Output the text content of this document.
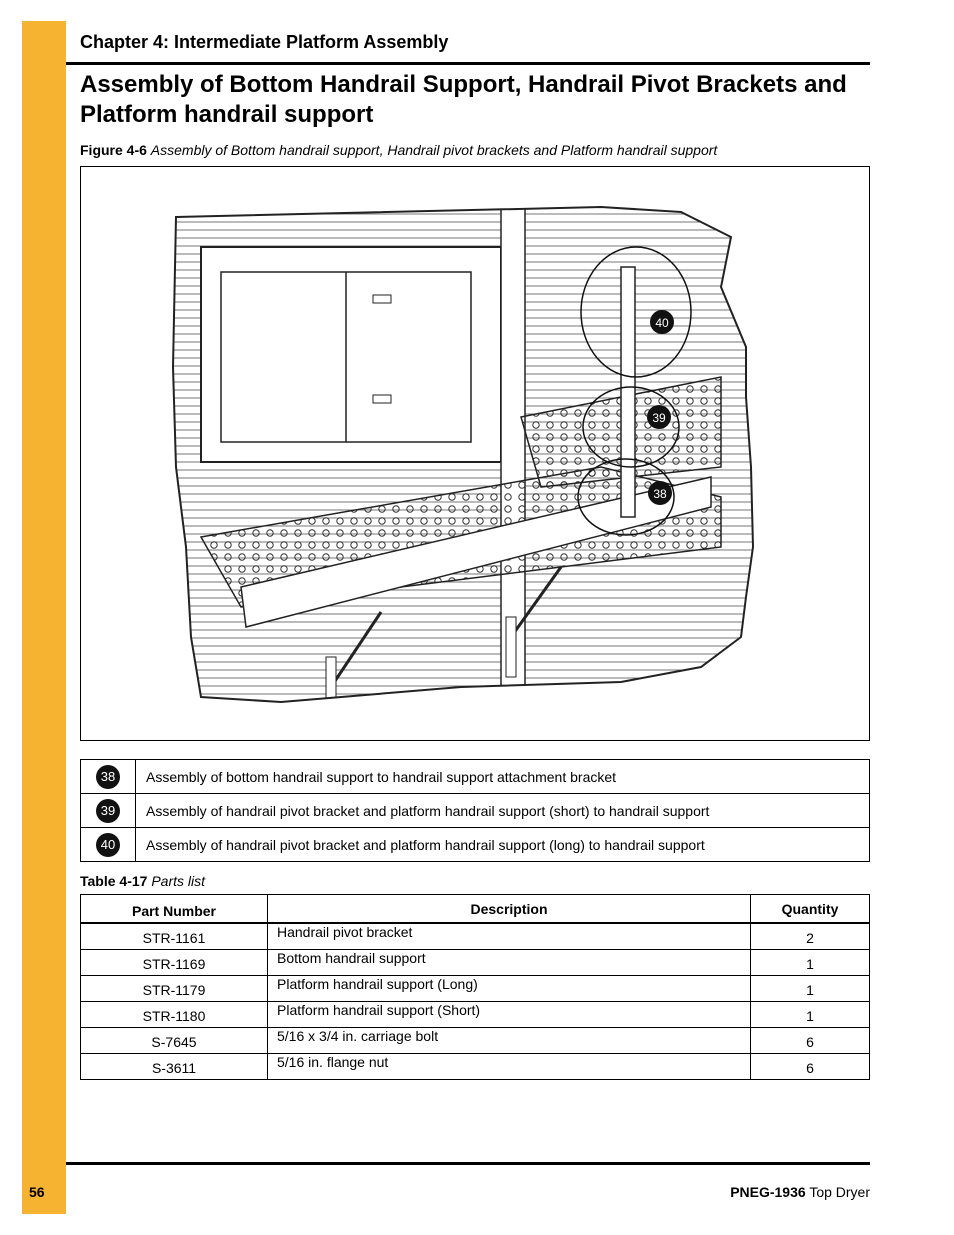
Chapter 4: Intermediate Platform Assembly
Assembly of Bottom Handrail Support, Handrail Pivot Brackets and Platform handrail support
Figure 4-6 Assembly of Bottom handrail support, Handrail pivot brackets and Platform handrail support
40
39
38
38	Assembly of bottom handrail support to handrail support attachment bracket
39	Assembly of handrail pivot bracket and platform handrail support (short) to handrail support
40	Assembly of handrail pivot bracket and platform handrail support (long) to handrail support
Table 4-17 Parts list
Part Number	Description	Quantity
STR-1161	Handrail pivot bracket	2
STR-1169	Bottom handrail support	1
STR-1179	Platform handrail support (Long)	1
STR-1180	Platform handrail support (Short)	1
S-7645	5/16 x 3/4 in. carriage bolt	6
S-3611	5/16 in. flange nut	6
56	PNEG-1936 Top Dryer
